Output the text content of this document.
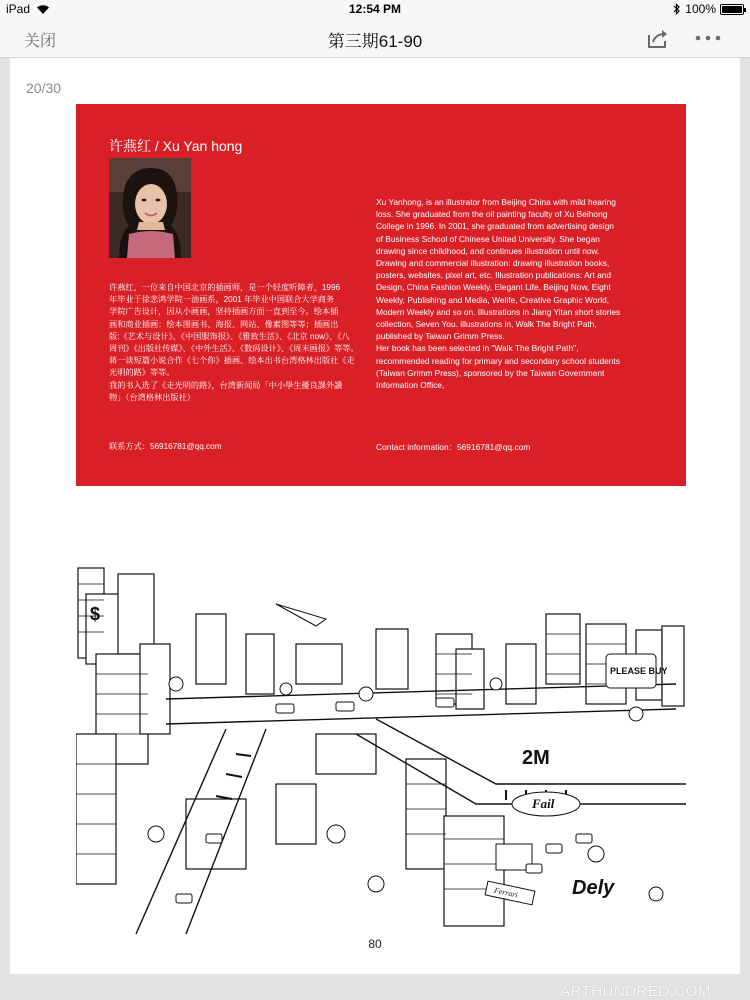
iPad	12:54 PM	100%
关闭	第三期61-90
20/30
许燕红 / Xu Yan hong

许燕红，一位来自中国北京的插画师，是一个轻度听障者，1996

年毕业于徐悲鸿学院一油画系，2001 年毕业中国联合大学商务

学院广告设计，因从小画画，坚持插画方面一直到至今。绘本插

画和商业插画：绘本图画书、海报、网站、像素图等等；插画出

版:《艺术与设计》、《中国服饰报》、《雅致生活》、《北京 now》、《八

周刊》《出版社传媒》、《中外生活》、《数码设计》、《周末画报》等等。

蒋一谈短篇小说合作《七个你》插画、绘本出书台湾格林出版社《走

光明的路》等等。

我的书入选了《走光明的路》，台湾新闻局「中小學生優良課外讀

物」（台湾格林出版社）

联系方式：56916781@qq.com

Xu Yanhong, is an illustrator from Beijing China with mild hearing

loss. She graduated from the oil painting faculty of Xu Beihong

College in 1996. In 2001, she graduated from advertising design

of Business School of Chinese United University. She began

drawing since childhood, and continues illustration until now.

Drawing and commercial illustration: drawing illustration books,

posters, websites, pixel art, etc. Illustration publications: Art and

Design, China Fashion Weekly, Elegant Life, Beijing Now, Eight

Weekly, Publishing and Media, Welife, Creative Graphic World,

Modern Weekly and so on. Illustrations in Jiang Yitan short stories

collection, Seven You. illustrations in, Walk The Bright Path,

published by Taiwan Grimm Press.

Her book has been selected in "Walk The Bright Path",

recommended reading for primary and secondary school students

(Taiwan Grimm Press), sponsored by the Taiwan Government

Information Office,

Contact information：56916781@qq.com
$
PLEASE BUY
2M
Fail
Dely
Ferrari
80
ARTHUNDRED.COM
